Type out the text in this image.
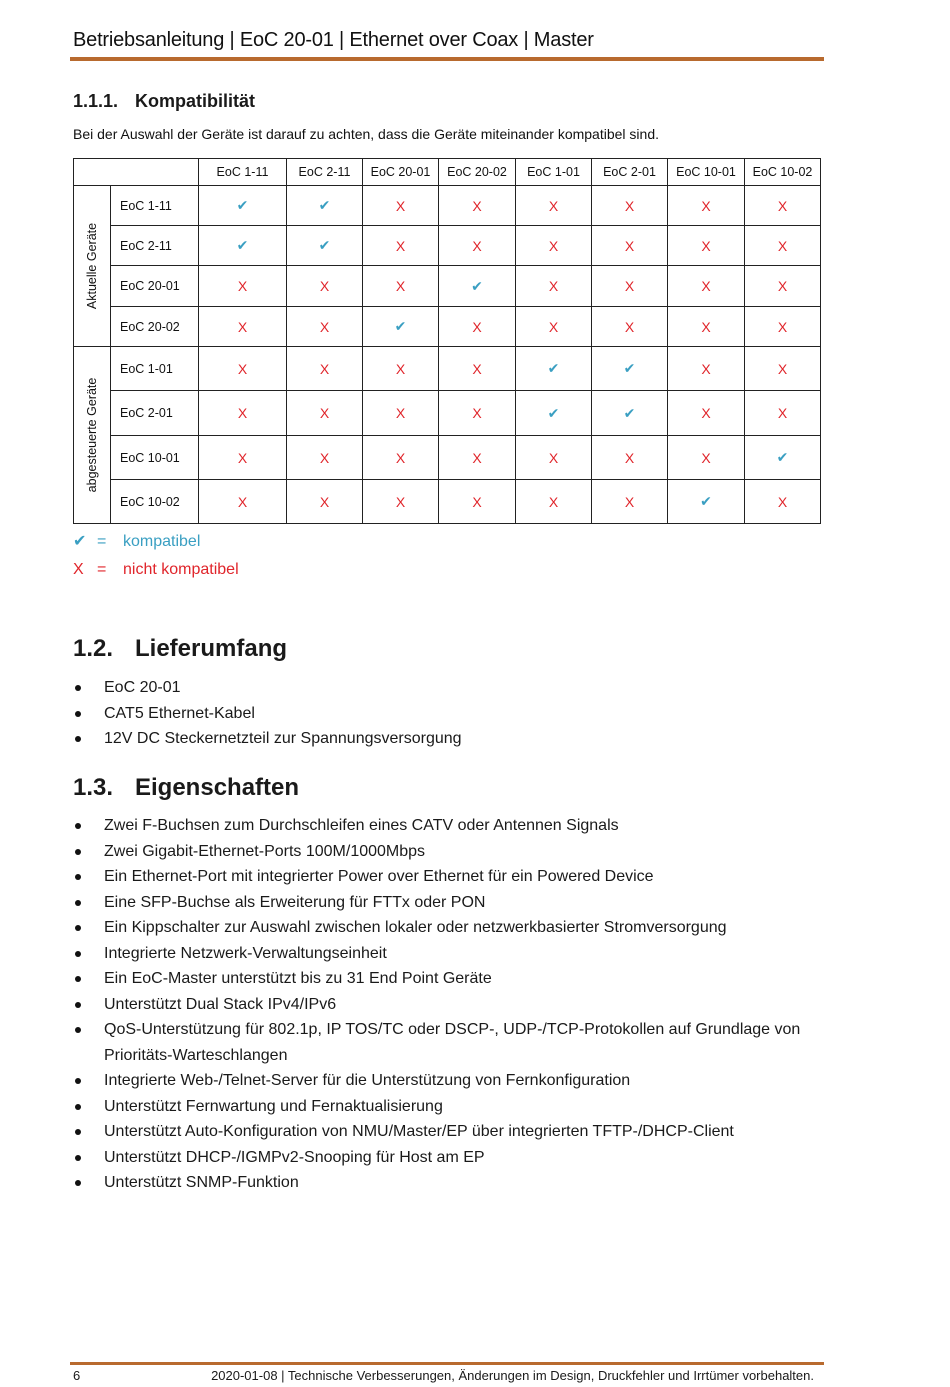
Betriebsanleitung | EoC 20-01 | Ethernet over Coax | Master
1.1.1. Kompatibilität
Bei der Auswahl der Geräte ist darauf zu achten, dass die Geräte miteinander kompatibel sind.
		EoC 1-11	EoC 2-11	EoC 20-01	EoC 20-02	EoC 1-01	EoC 2-01	EoC 10-01	EoC 10-02

Aktuelle Geräte	EoC 1-11	✔	✔	X	X	X	X	X	X
	EoC 2-11	✔	✔	X	X	X	X	X	X
	EoC 20-01	X	X	X	✔	X	X	X	X
	EoC 20-02	X	X	✔	X	X	X	X	X

abgesteuerte Geräte	EoC 1-01	X	X	X	X	✔	✔	X	X
	EoC 2-01	X	X	X	X	✔	✔	X	X
	EoC 10-01	X	X	X	X	X	X	X	✔
	EoC 10-02	X	X	X	X	X	X	✔	X
✔ = kompatibel
X = nicht kompatibel
1.2. Lieferumfang
EoC 20-01
CAT5 Ethernet-Kabel
12V DC Steckernetzteil zur Spannungsversorgung
1.3. Eigenschaften
Zwei F-Buchsen zum Durchschleifen eines CATV oder Antennen Signals
Zwei Gigabit-Ethernet-Ports 100M/1000Mbps
Ein Ethernet-Port mit integrierter Power over Ethernet für ein Powered Device
Eine SFP-Buchse als Erweiterung für FTTx oder PON
Ein Kippschalter zur Auswahl zwischen lokaler oder netzwerkbasierter Stromversorgung
Integrierte Netzwerk-Verwaltungseinheit
Ein EoC-Master unterstützt bis zu 31 End Point Geräte
Unterstützt Dual Stack IPv4/IPv6
QoS-Unterstützung für 802.1p, IP TOS/TC oder DSCP-, UDP-/TCP-Protokollen auf Grundlage von Prioritäts-Warteschlangen
Integrierte Web-/Telnet-Server für die Unterstützung von Fernkonfiguration
Unterstützt Fernwartung und Fernaktualisierung
Unterstützt Auto-Konfiguration von NMU/Master/EP über integrierten TFTP-/DHCP-Client
Unterstützt DHCP-/IGMPv2-Snooping für Host am EP
Unterstützt SNMP-Funktion
6	2020-01-08 | Technische Verbesserungen, Änderungen im Design, Druckfehler und Irrtümer vorbehalten.
